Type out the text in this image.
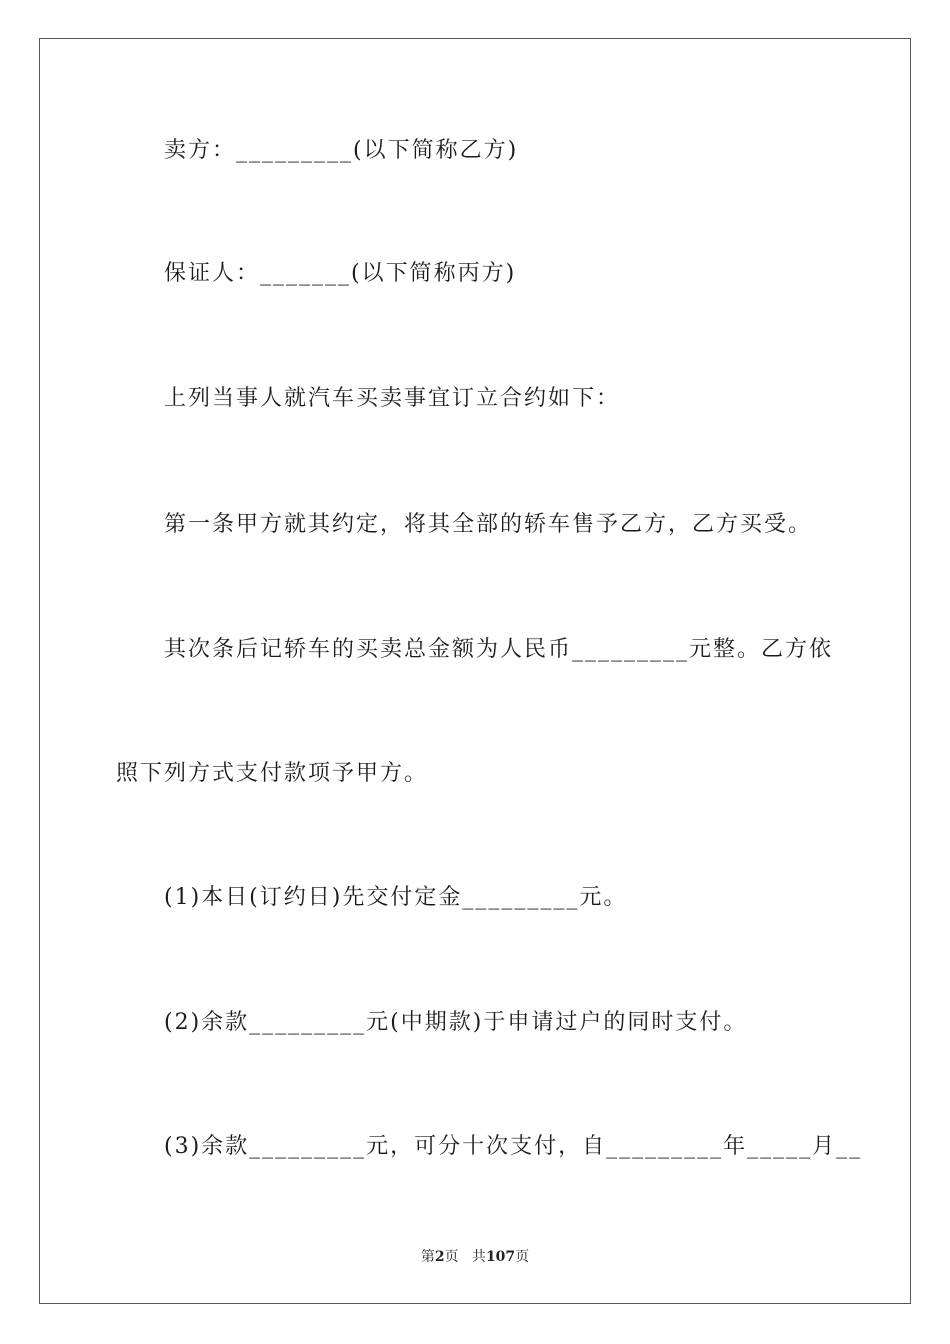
卖方：_________(以下简称乙方)
保证人：_______(以下简称丙方)
上列当事人就汽车买卖事宜订立合约如下：
第一条甲方就其约定，将其全部的轿车售予乙方，乙方买受。
其次条后记轿车的买卖总金额为人民币_________元整。乙方依
照下列方式支付款项予甲方。
(1)本日(订约日)先交付定金_________元。
(2)余款_________元(中期款)于申请过户的同时支付。
(3)余款_________元，可分十次支付，自_________年_____月__
第2页   共107页
